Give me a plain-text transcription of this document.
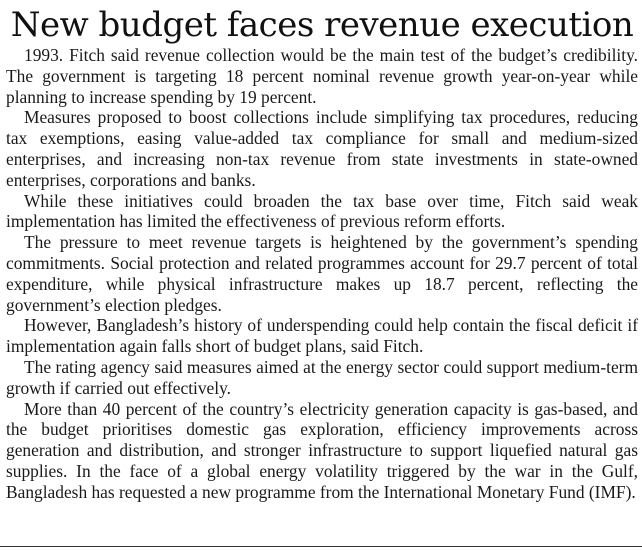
New budget faces revenue execution

1993. Fitch said revenue collection would be the main test of the budget’s credibility. The government is targeting 18 percent nominal revenue growth year-on-year while planning to increase spending by 19 percent.

Measures proposed to boost collections include simplifying tax procedures, reducing tax exemptions, easing value-added tax compliance for small and medium-sized enterprises, and increasing non-tax revenue from state investments in state-owned enterprises, corporations and banks.

While these initiatives could broaden the tax base over time, Fitch said weak implementation has limited the effectiveness of previous reform efforts.

The pressure to meet revenue targets is heightened by the government’s spending commitments. Social protection and related programmes account for 29.7 percent of total expenditure, while physical infrastructure makes up 18.7 percent, reflecting the government’s election pledges.

However, Bangladesh’s history of underspending could help contain the fiscal deficit if implementation again falls short of budget plans, said Fitch.

The rating agency said measures aimed at the energy sector could support medium-term growth if carried out effectively.

More than 40 percent of the country’s electricity generation capacity is gas-based, and the budget prioritises domestic gas exploration, efficiency improvements across generation and distribution, and stronger infrastructure to support liquefied natural gas supplies. In the face of a global energy volatility triggered by the war in the Gulf, Bangladesh has requested a new programme from the International Monetary Fund (IMF).
